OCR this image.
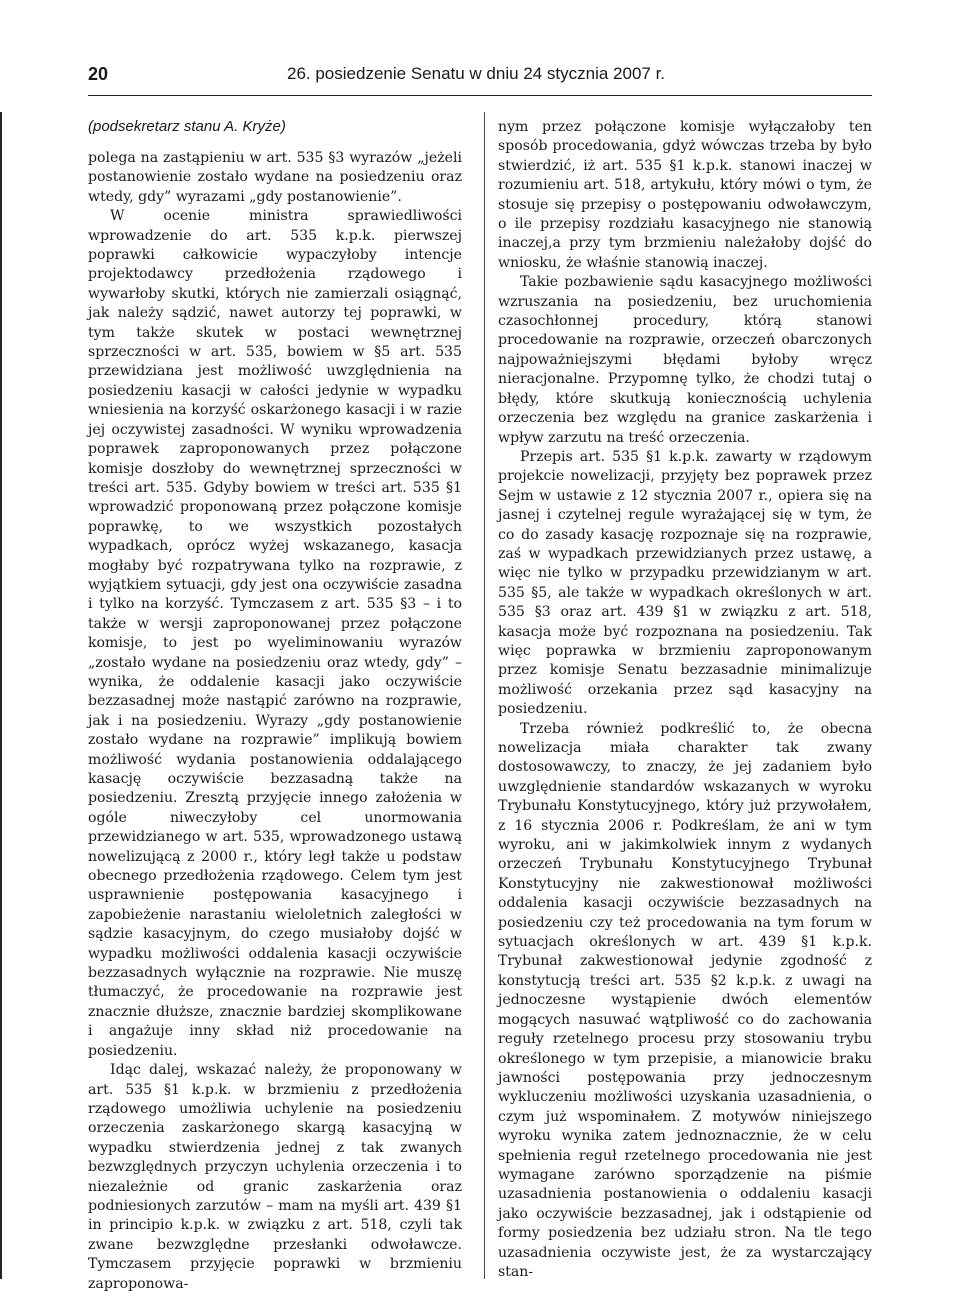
20	26. posiedzenie Senatu w dniu 24 stycznia 2007 r.
(podsekretarz stanu A. Kryże)

polega na zastąpieniu w art. 535 §3 wyrazów „jeżeli postanowienie zostało wydane na posiedzeniu oraz wtedy, gdy” wyrazami „gdy postanowienie”.

W ocenie ministra sprawiedliwości wprowadzenie do art. 535 k.p.k. pierwszej poprawki całkowicie wypaczyłoby intencje projektodawcy przedłożenia rządowego i wywarłoby skutki, których nie zamierzali osiągnąć, jak należy sądzić, nawet autorzy tej poprawki, w tym także skutek w postaci wewnętrznej sprzeczności w art. 535, bowiem w §5 art. 535 przewidziana jest możliwość uwzględnienia na posiedzeniu kasacji w całości jedynie w wypadku wniesienia na korzyść oskarżonego kasacji i w razie jej oczywistej zasadności. W wyniku wprowadzenia poprawek zaproponowanych przez połączone komisje doszłoby do wewnętrznej sprzeczności w treści art. 535. Gdyby bowiem w treści art. 535 §1 wprowadzić proponowaną przez połączone komisje poprawkę, to we wszystkich pozostałych wypadkach, oprócz wyżej wskazanego, kasacja mogłaby być rozpatrywana tylko na rozprawie, z wyjątkiem sytuacji, gdy jest ona oczywiście zasadna i tylko na korzyść. Tymczasem z art. 535 §3 – i to także w wersji zaproponowanej przez połączone komisje, to jest po wyeliminowaniu wyrazów „zostało wydane na posiedzeniu oraz wtedy, gdy” – wynika, że oddalenie kasacji jako oczywiście bezzasadnej może nastąpić zarówno na rozprawie, jak i na posiedzeniu. Wyrazy „gdy postanowienie zostało wydane na rozprawie” implikują bowiem możliwość wydania postanowienia oddalającego kasację oczywiście bezzasadną także na posiedzeniu. Zresztą przyjęcie innego założenia w ogóle niweczyłoby cel unormowania przewidzianego w art. 535, wprowadzonego ustawą nowelizującą z 2000 r., który legł także u podstaw obecnego przedłożenia rządowego. Celem tym jest usprawnienie postępowania kasacyjnego i zapobieżenie narastaniu wieloletnich zaległości w sądzie kasacyjnym, do czego musiałoby dojść w wypadku możliwości oddalenia kasacji oczywiście bezzasadnych wyłącznie na rozprawie. Nie muszę tłumaczyć, że procedowanie na rozprawie jest znacznie dłuższe, znacznie bardziej skomplikowane i angażuje inny skład niż procedowanie na posiedzeniu.

Idąc dalej, wskazać należy, że proponowany w art. 535 §1 k.p.k. w brzmieniu z przedłożenia rządowego umożliwia uchylenie na posiedzeniu orzeczenia zaskarżonego skargą kasacyjną w wypadku stwierdzenia jednej z tak zwanych bezwzględnych przyczyn uchylenia orzeczenia i to niezależnie od granic zaskarżenia oraz podniesionych zarzutów – mam na myśli art. 439 §1 in principio k.p.k. w związku z art. 518, czyli tak zwane bezwzględne przesłanki odwoławcze. Tymczasem przyjęcie poprawki w brzmieniu zaproponowa-

nym przez połączone komisje wyłączałoby ten sposób procedowania, gdyż wówczas trzeba by było stwierdzić, iż art. 535 §1 k.p.k. stanowi inaczej w rozumieniu art. 518, artykułu, który mówi o tym, że stosuje się przepisy o postępowaniu odwoławczym, o ile przepisy rozdziału kasacyjnego nie stanowią inaczej,a przy tym brzmieniu należałoby dojść do wniosku, że właśnie stanowią inaczej.

Takie pozbawienie sądu kasacyjnego możliwości wzruszania na posiedzeniu, bez uruchomienia czasochłonnej procedury, którą stanowi procedowanie na rozprawie, orzeczeń obarczonych najpoważniejszymi błędami byłoby wręcz nieracjonalne. Przypomnę tylko, że chodzi tutaj o błędy, które skutkują koniecznością uchylenia orzeczenia bez względu na granice zaskarżenia i wpływ zarzutu na treść orzeczenia.

Przepis art. 535 §1 k.p.k. zawarty w rządowym projekcie nowelizacji, przyjęty bez poprawek przez Sejm w ustawie z 12 stycznia 2007 r., opiera się na jasnej i czytelnej regule wyrażającej się w tym, że co do zasady kasację rozpoznaje się na rozprawie, zaś w wypadkach przewidzianych przez ustawę, a więc nie tylko w przypadku przewidzianym w art. 535 §5, ale także w wypadkach określonych w art. 535 §3 oraz art. 439 §1 w związku z art. 518, kasacja może być rozpoznana na posiedzeniu. Tak więc poprawka w brzmieniu zaproponowanym przez komisje Senatu bezzasadnie minimalizuje możliwość orzekania przez sąd kasacyjny na posiedzeniu.

Trzeba również podkreślić to, że obecna nowelizacja miała charakter tak zwany dostosowawczy, to znaczy, że jej zadaniem było uwzględnienie standardów wskazanych w wyroku Trybunału Konstytucyjnego, który już przywołałem, z 16 stycznia 2006 r. Podkreślam, że ani w tym wyroku, ani w jakimkolwiek innym z wydanych orzeczeń Trybunału Konstytucyjnego Trybunał Konstytucyjny nie zakwestionował możliwości oddalenia kasacji oczywiście bezzasadnych na posiedzeniu czy też procedowania na tym forum w sytuacjach określonych w art. 439 §1 k.p.k. Trybunał zakwestionował jedynie zgodność z konstytucją treści art. 535 §2 k.p.k. z uwagi na jednoczesne wystąpienie dwóch elementów mogących nasuwać wątpliwość co do zachowania reguły rzetelnego procesu przy stosowaniu trybu określonego w tym przepisie, a mianowicie braku jawności postępowania przy jednoczesnym wykluczeniu możliwości uzyskania uzasadnienia, o czym już wspominałem. Z motywów niniejszego wyroku wynika zatem jednoznacznie, że w celu spełnienia reguł rzetelnego procedowania nie jest wymagane zarówno sporządzenie na piśmie uzasadnienia postanowienia o oddaleniu kasacji jako oczywiście bezzasadnej, jak i odstąpienie od formy posiedzenia bez udziału stron. Na tle tego uzasadnienia oczywiste jest, że za wystarczający stan-
